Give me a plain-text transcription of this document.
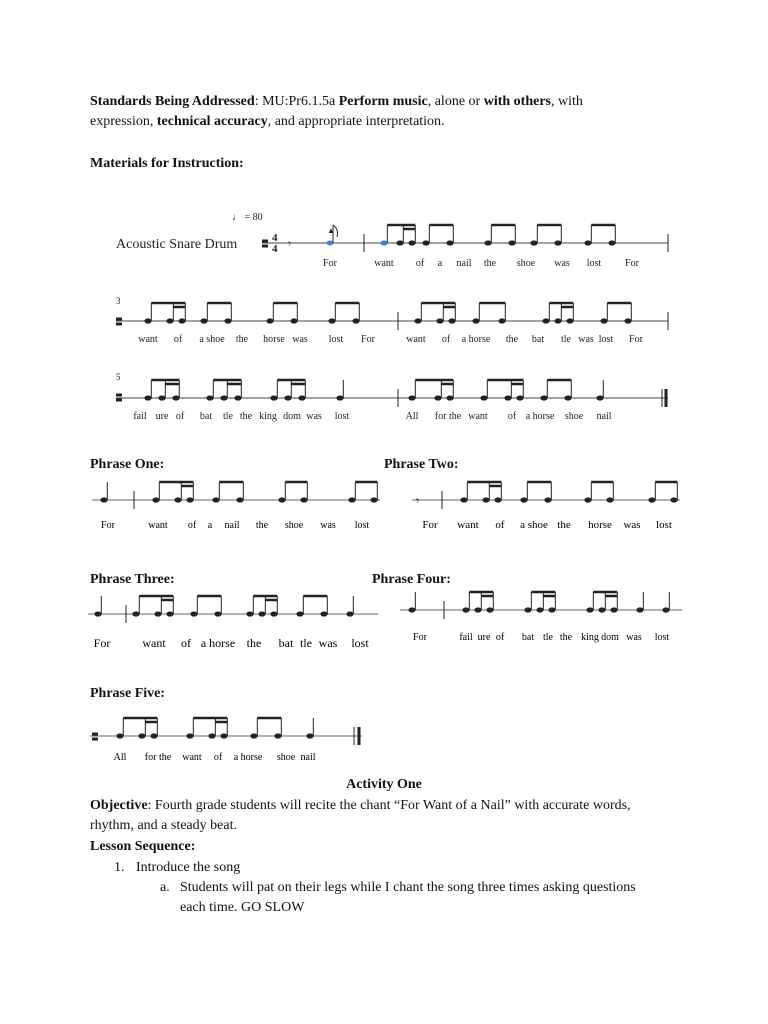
Standards Being Addressed: MU:Pr6.1.5a Perform music, alone or with others, with
expression, technical accuracy, and appropriate interpretation.
Materials for Instruction:
♩ = 80
Acoustic Snare Drum	4
4 𝄾
▲
For	want of a nail the shoe was lost For
3
want of a shoe the horse was lost For	want of a horse the bat tle was lost For
5
fail ure of bat tle the king dom was lost	All for the want of a horse shoe nail
Phrase One:	Phrase Two:
For	want of a nail the shoe was lost
𝄾
For want of a shoe the horse was lost
Phrase Three:	Phrase Four:
For	want of a horse the bat tle was lost	For	fail ure of bat tle the king dom was lost
Phrase Five:
All for the want of a horse shoe nail
Activity One
Objective: Fourth grade students will recite the chant “For Want of a Nail” with accurate words,
rhythm, and a steady beat.
Lesson Sequence:
1. Introduce the song
a. Students will pat on their legs while I chant the song three times asking questions
each time. GO SLOW
